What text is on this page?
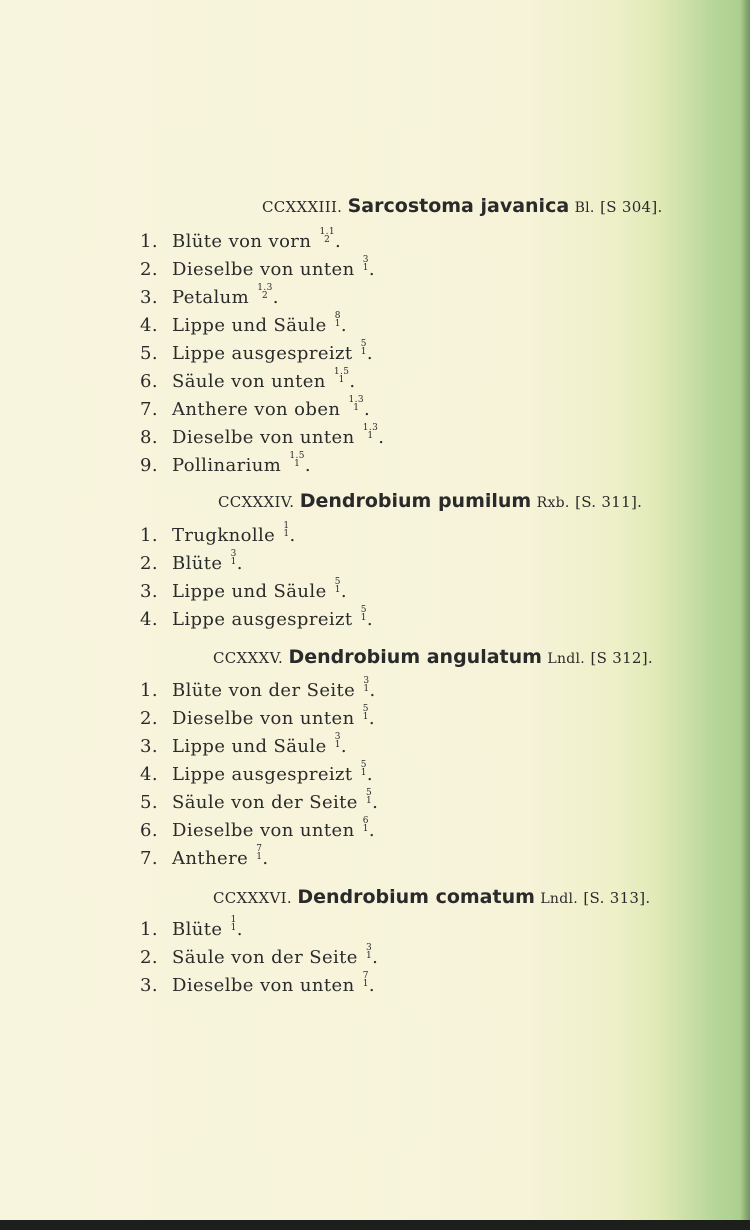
CCXXXIII. Sarcostoma javanica Bl. [S 304].
1. Blüte von vorn 1.1
2 .
2. Dieselbe von unten 3
1 .
3. Petalum 1.3
2 .
4. Lippe und Säule 8
1 .
5. Lippe ausgespreizt 5
1 .
6. Säule von unten 1.5
1 .
7. Anthere von oben 1.3
1 .
8. Dieselbe von unten 1.3
1 .
9. Pollinarium 1.5
1 .
CCXXXIV. Dendrobium pumilum Rxb. [S. 311].
1. Trugknolle 1
1 .
2. Blüte 3
1 .
3. Lippe und Säule 5
1 .
4. Lippe ausgespreizt 5
1 .
CCXXXV. Dendrobium angulatum Lndl. [S 312].
1. Blüte von der Seite 3
1 .
2. Dieselbe von unten 5
1 .
3. Lippe und Säule 3
1 .
4. Lippe ausgespreizt 5
1 .
5. Säule von der Seite 5
1 .
6. Dieselbe von unten 6
1 .
7. Anthere 7
1 .
CCXXXVI. Dendrobium comatum Lndl. [S. 313].
1. Blüte 1
1 .
2. Säule von der Seite 3
1 .
3. Dieselbe von unten 7
1 .
